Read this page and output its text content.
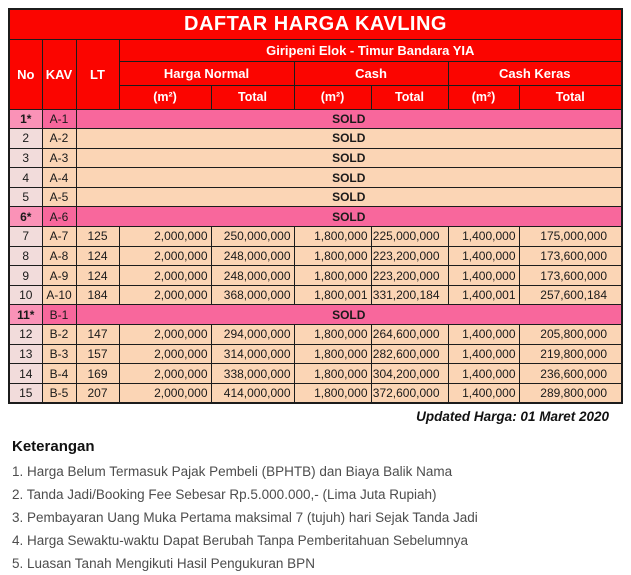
DAFTAR HARGA KAVLING								
No	KAV	LT	Giripeni Elok - Timur Bandara YIA					
			Harga Normal		Cash		Cash Keras	
			(m²)	Total	(m²)	Total	(m²)	Total
1*	A-1	SOLD						
2	A-2	SOLD						
3	A-3	SOLD						
4	A-4	SOLD						
5	A-5	SOLD						
6*	A-6	SOLD						
7	A-7	125	2,000,000	250,000,000	1,800,000	225,000,000	1,400,000	175,000,000
8	A-8	124	2,000,000	248,000,000	1,800,000	223,200,000	1,400,000	173,600,000
9	A-9	124	2,000,000	248,000,000	1,800,000	223,200,000	1,400,000	173,600,000
10	A-10	184	2,000,000	368,000,000	1,800,001	331,200,184	1,400,001	257,600,184
11*	B-1	SOLD						
12	B-2	147	2,000,000	294,000,000	1,800,000	264,600,000	1,400,000	205,800,000
13	B-3	157	2,000,000	314,000,000	1,800,000	282,600,000	1,400,000	219,800,000
14	B-4	169	2,000,000	338,000,000	1,800,000	304,200,000	1,400,000	236,600,000
15	B-5	207	2,000,000	414,000,000	1,800,000	372,600,000	1,400,000	289,800,000
Updated Harga: 01 Maret 2020
Keterangan
1. Harga Belum Termasuk Pajak Pembeli (BPHTB) dan Biaya Balik Nama
2. Tanda Jadi/Booking Fee Sebesar Rp.5.000.000,- (Lima Juta Rupiah)
3. Pembayaran Uang Muka Pertama maksimal 7 (tujuh) hari Sejak Tanda Jadi
4. Harga Sewaktu-waktu Dapat Berubah Tanpa Pemberitahuan Sebelumnya
5. Luasan Tanah Mengikuti Hasil Pengukuran BPN
